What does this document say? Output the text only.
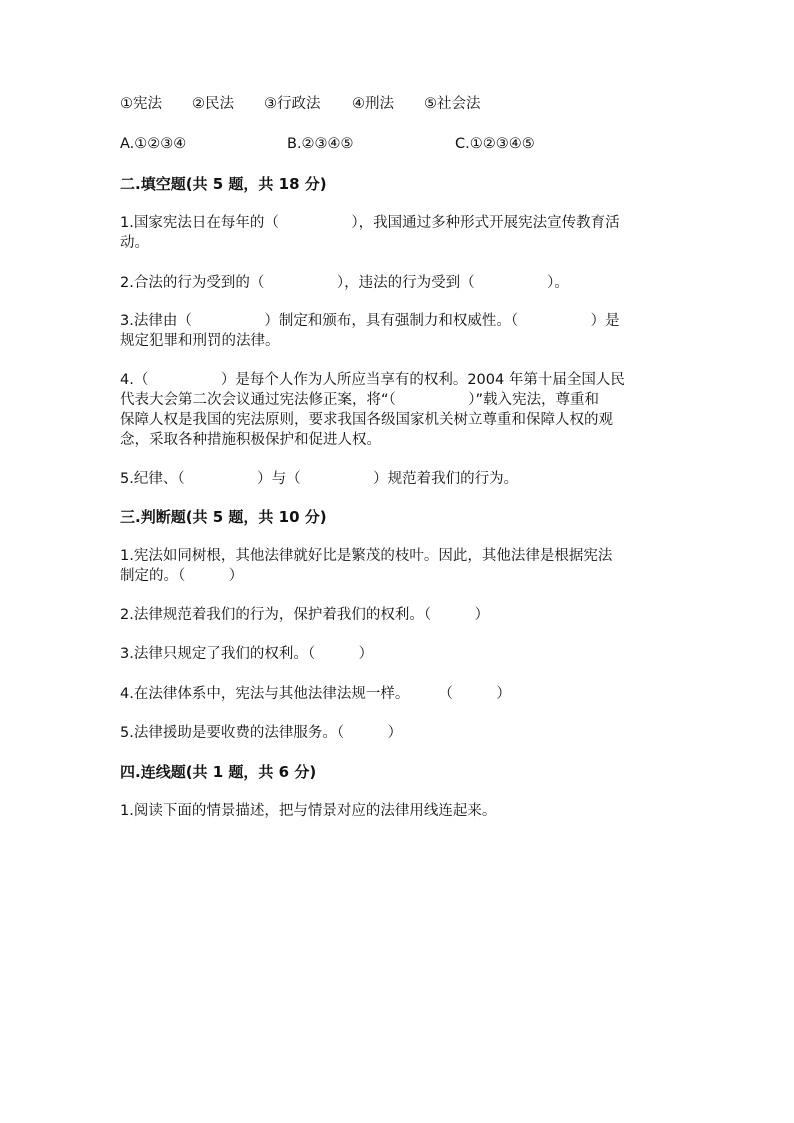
①宪法	②民法	③行政法	④刑法	⑤社会法
A.①②③④	B.②③④⑤	C.①②③④⑤
二.填空题(共 5 题，共 18 分)
1.国家宪法日在每年的（　　　　　），我国通过多种形式开展宪法宣传教育活
动。
2.合法的行为受到的（　　　　　），违法的行为受到（　　　　　）。
3.法律由（　　　　　）制定和颁布，具有强制力和权威性。（　　　　　）是
规定犯罪和刑罚的法律。
4.（　　　　　）是每个人作为人所应当享有的权利。2004 年第十届全国人民
代表大会第二次会议通过宪法修正案，将“（　　　　　）”载入宪法，尊重和
保障人权是我国的宪法原则，要求我国各级国家机关树立尊重和保障人权的观
念，采取各种措施积极保护和促进人权。
5.纪律、（　　　　　）与（　　　　　）规范着我们的行为。
三.判断题(共 5 题，共 10 分)
1.宪法如同树根，其他法律就好比是繁茂的枝叶。因此，其他法律是根据宪法
制定的。（　　　）
2.法律规范着我们的行为，保护着我们的权利。（　　　）
3.法律只规定了我们的权利。（　　　）
4.在法律体系中，宪法与其他法律法规一样。　　　（　　　）
5.法律援助是要收费的法律服务。（　　　）
四.连线题(共 1 题，共 6 分)
1.阅读下面的情景描述，把与情景对应的法律用线连起来。
